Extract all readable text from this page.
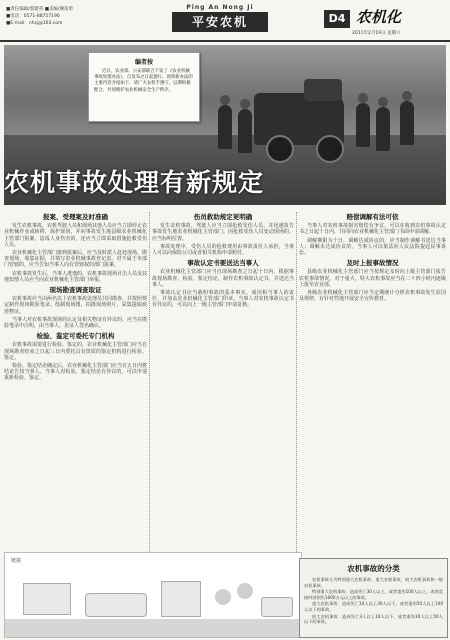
■责任编辑/郭建英 ■美编/谢富勇
■电话：0571-88757190
■E-mail：nhcj@163.com
Ping An Nong Ji
平安农机	D4 农机化
2011年2月19日 星期六
农机事故处理有新规定
编者按
近日，农业部、公安部联合下发了《农业机械事故处理办法》，自发布之日起施行。现将新办法的主要内容介绍如下，请广大农机手遵守，以期积极配合，共同维护农业机械安全生产秩序。
报案、受理案及时准确

发生农机事故，农机驾驶人员和现场其他人员应当立即停止农业机械作业或转移，保护现场，并向事故发生地县级农业机械化主管部门报案，造成人身伤害的，还应当立即采取措施抢救受伤人员。

农业机械化主管部门接到报案后，应当及时派人赶赴现场，勘查现场，收集证据，并填写农业机械事故登记表。对不属于本部门管辖的，应当告知当事人向有管辖权的部门报案。

农机事故发生后，当事人逃逸的，农机事故现场目击人员及其他知情人员应当向农业机械化主管部门举报。

现场勘查调查取证

农机事故应当由两名以上农机事故处理员共同勘查，并按照规定制作现场勘验笔录、绘制现场图、拍摄现场照片，采集提取痕迹物证。

当事人对农机事故现场的认定及相关物证有异议的，应当在勘验笔录中注明，由当事人、见证人签名确认。

检验、鉴定可委托专门机构

农机事故需要进行检验、鉴定的，农业机械化主管部门应当自现场勘查结束之日起三日内委托具有资质的鉴定机构进行检验、鉴定。

检验、鉴定结论确定后，农业机械化主管部门应当在五日内将结论告知当事人。当事人对检验、鉴定结论有异议的，可以申请重新检验、鉴定。

伤员救助规定更明确

发生农机事故，驾驶人应当立即抢救受伤人员，并迅速报告事故发生地农业机械化主管部门。因抢救受伤人员变动现场的，应当标明位置。

事故处理中，受伤人员的抢救费用由事故责任人承担，当事人可以向保险公司或者相关机构申请赔付。

事故认定书要送达当事人

农业机械化主管部门应当自现场勘查之日起十日内，根据事故现场勘查、检验、鉴定结论，制作农机事故认定书，并送达当事人。

事故认定书应当载明事故的基本事实、成因和当事人的责任，并加盖农业机械化主管部门印章。当事人对农机事故认定书有异议的，可以向上一级主管部门申请复核。

赔偿调解有法可依

当事人对农机事故损害赔偿有争议，可以在收到农机事故认定书之日起十日内，共同向农业机械化主管部门书面申请调解。

调解期限为十日，调解达成协议的，应当制作调解书送达当事人；调解未达成协议的，当事人可以依法向人民法院提起民事诉讼。

及时上报事故情况

县级农业机械化主管部门应当按规定及时向上级主管部门报告农机事故情况，对于重大、特大农机事故应当在二十四小时内逐级上报至农业部。

各级农业机械化主管部门应当定期统计分析农机事故发生原因及规律，有针对性地开展安全宣传教育。

链接
农机事故的分类

农机事故分为特别重大农机事故、重大农机事故、较大农机事故和一般农机事故。

特别重大农机事故：造成死亡30人以上，或者重伤100人以上，或者直接经济损失1000万元以上的事故。

重大农机事故：造成死亡10人以上30人以下，或者重伤50人以上100人以下的事故。

较大农机事故：造成死亡3人以上10人以下，或者重伤10人以上50人以下的事故。
